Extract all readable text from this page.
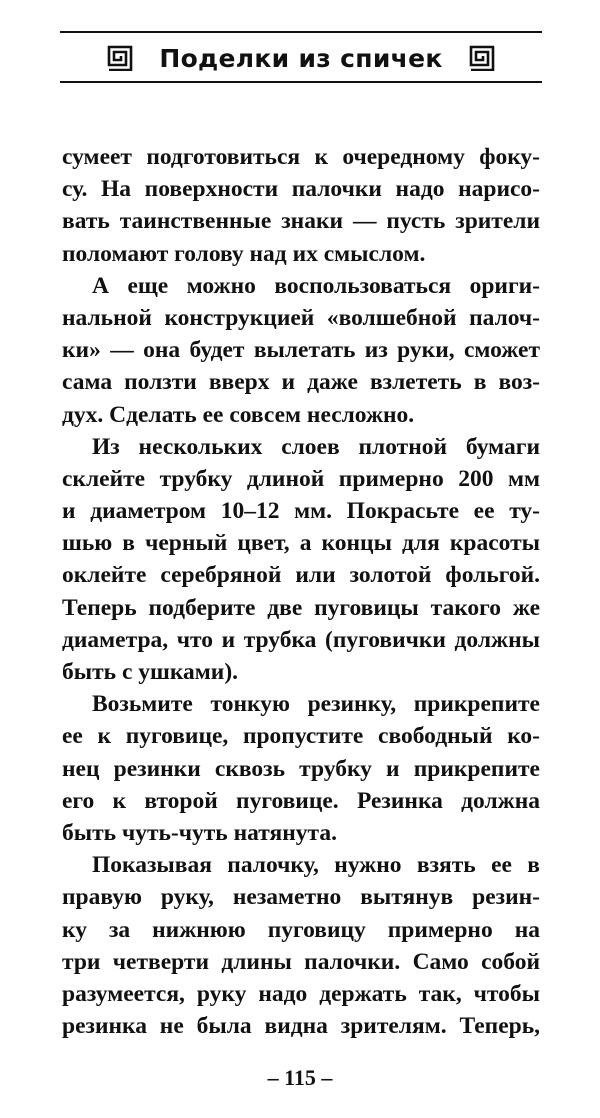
Поделки из спичек
сумеет подготовиться к очередному фоку-
су. На поверхности палочки надо нарисо-
вать таинственные знаки — пусть зрители
поломают голову над их смыслом.
А еще можно воспользоваться ориги-
нальной конструкцией «волшебной палоч-
ки» — она будет вылетать из руки, сможет
сама ползти вверх и даже взлететь в воз-
дух. Сделать ее совсем несложно.
Из нескольких слоев плотной бумаги
склейте трубку длиной примерно 200 мм
и диаметром 10–12 мм. Покрасьте ее ту-
шью в черный цвет, а концы для красоты
оклейте серебряной или золотой фольгой.
Теперь подберите две пуговицы такого же
диаметра, что и трубка (пуговички должны
быть с ушками).
Возьмите тонкую резинку, прикрепите
ее к пуговице, пропустите свободный ко-
нец резинки сквозь трубку и прикрепите
его к второй пуговице. Резинка должна
быть чуть-чуть натянута.
Показывая палочку, нужно взять ее в
правую руку, незаметно вытянув резин-
ку за нижнюю пуговицу примерно на
три четверти длины палочки. Само собой
разумеется, руку надо держать так, чтобы
резинка не была видна зрителям. Теперь,
– 115 –
